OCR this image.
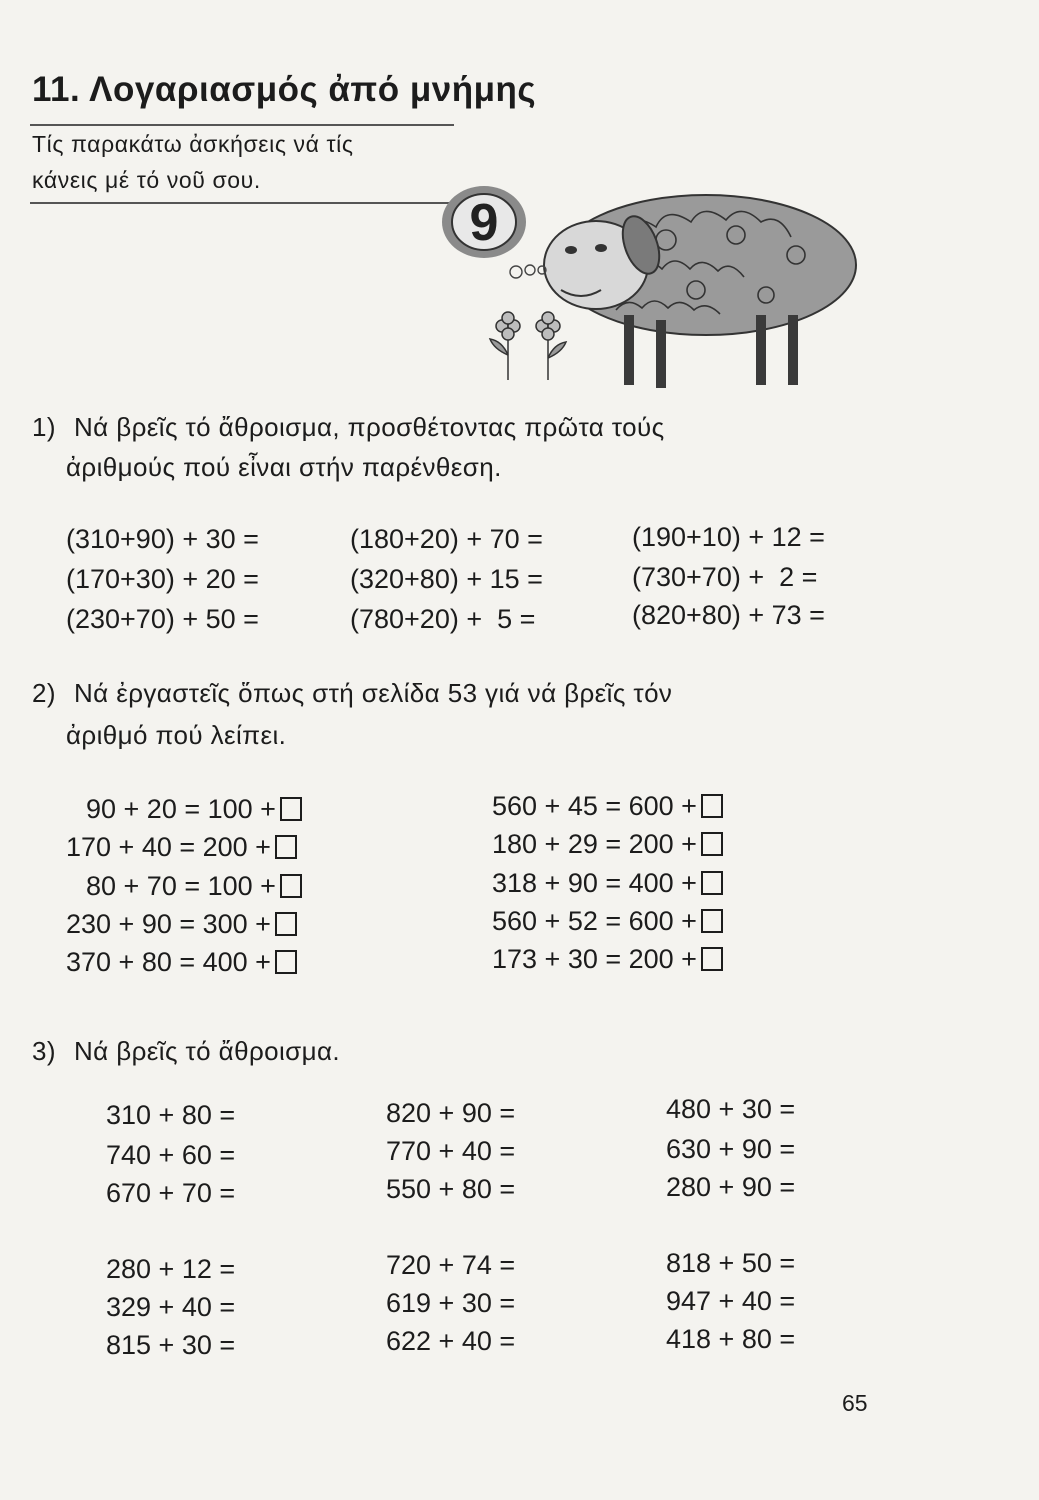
11. Λογαριασμός ἀπό μνήμης
Τίς παρακάτω ἀσκήσεις νά τίς
κάνεις μέ τό νοῦ σου.
9
1) Νά βρεῖς τό ἄθροισμα, προσθέτοντας πρῶτα τούς
ἀριθμούς πού εἶναι στήν παρένθεση.
(310+90) + 30 =	(180+20) + 70 =	(190+10) + 12 =
(170+30) + 20 =	(320+80) + 15 =	(730+70) +  2 =
(230+70) + 50 =	(780+20) +  5 =	(820+80) + 73 =
2) Νά ἐργαστεῖς ὅπως στή σελίδα 53 γιά νά βρεῖς τόν
ἀριθμό πού λείπει.
90 + 20 = 100 +
170 + 40 = 200 +
80 + 70 = 100 +
230 + 90 = 300 +
370 + 80 = 400 +
560 + 45 = 600 +
180 + 29 = 200 +
318 + 90 = 400 +
560 + 52 = 600 +
173 + 30 = 200 +
3) Νά βρεῖς τό ἄθροισμα.
310 + 80 =	820 + 90 =	480 + 30 =
740 + 60 =	770 + 40 =	630 + 90 =
670 + 70 =	550 + 80 =	280 + 90 =
280 + 12 =	720 + 74 =	818 + 50 =
329 + 40 =	619 + 30 =	947 + 40 =
815 + 30 =	622 + 40 =	418 + 80 =
65
